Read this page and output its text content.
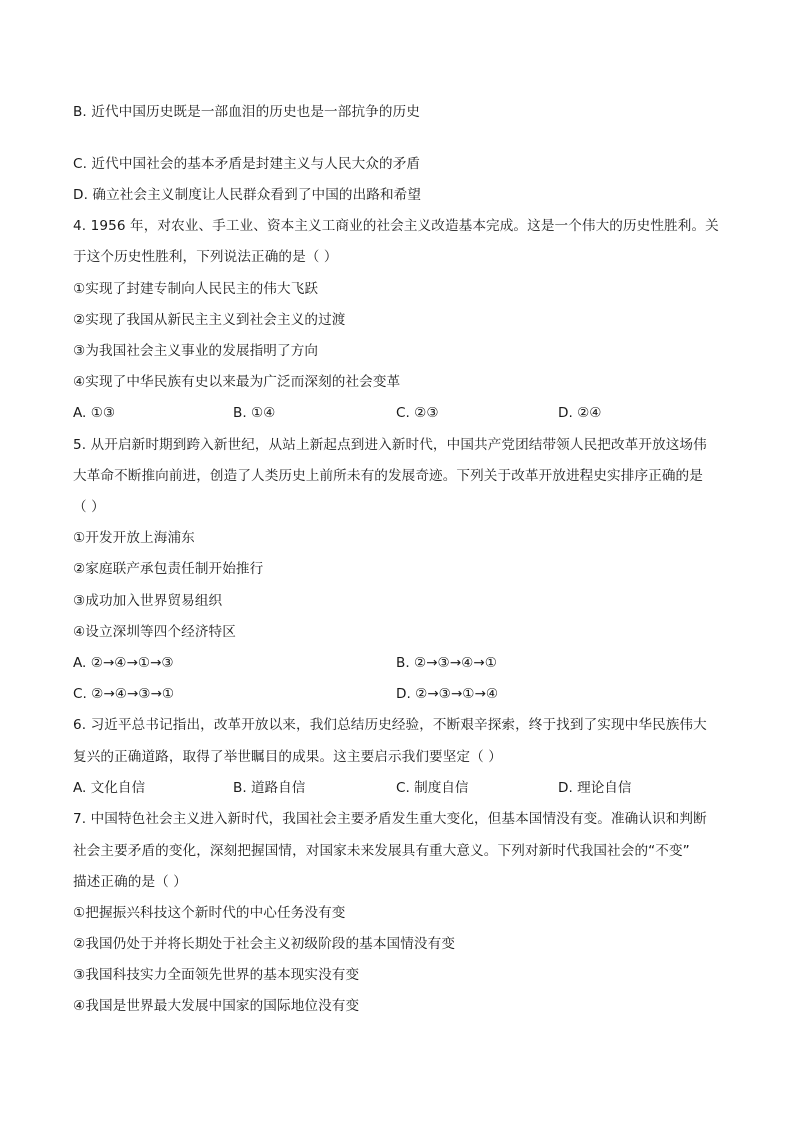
B. 近代中国历史既是一部血泪的历史也是一部抗争的历史
C. 近代中国社会的基本矛盾是封建主义与人民大众的矛盾
D. 确立社会主义制度让人民群众看到了中国的出路和希望
4. 1956 年，对农业、手工业、资本主义工商业的社会主义改造基本完成。这是一个伟大的历史性胜利。关
于这个历史性胜利，下列说法正确的是（ ）
①实现了封建专制向人民民主的伟大飞跃
②实现了我国从新民主主义到社会主义的过渡
③为我国社会主义事业的发展指明了方向
④实现了中华民族有史以来最为广泛而深刻的社会变革
A. ①③	B. ①④	C. ②③	D. ②④
5. 从开启新时期到跨入新世纪，从站上新起点到进入新时代，中国共产党团结带领人民把改革开放这场伟
大革命不断推向前进，创造了人类历史上前所未有的发展奇迹。下列关于改革开放进程史实排序正确的是
（ ）
①开发开放上海浦东
②家庭联产承包责任制开始推行
③成功加入世界贸易组织
④设立深圳等四个经济特区
A. ②→④→①→③	B. ②→③→④→①
C. ②→④→③→①	D. ②→③→①→④
6. 习近平总书记指出，改革开放以来，我们总结历史经验，不断艰辛探索，终于找到了实现中华民族伟大
复兴的正确道路，取得了举世瞩目的成果。这主要启示我们要坚定（ ）
A. 文化自信	B. 道路自信	C. 制度自信	D. 理论自信
7. 中国特色社会主义进入新时代，我国社会主要矛盾发生重大变化，但基本国情没有变。准确认识和判断
社会主要矛盾的变化，深刻把握国情，对国家未来发展具有重大意义。下列对新时代我国社会的“不变”
描述正确的是（ ）
①把握振兴科技这个新时代的中心任务没有变
②我国仍处于并将长期处于社会主义初级阶段的基本国情没有变
③我国科技实力全面领先世界的基本现实没有变
④我国是世界最大发展中国家的国际地位没有变
